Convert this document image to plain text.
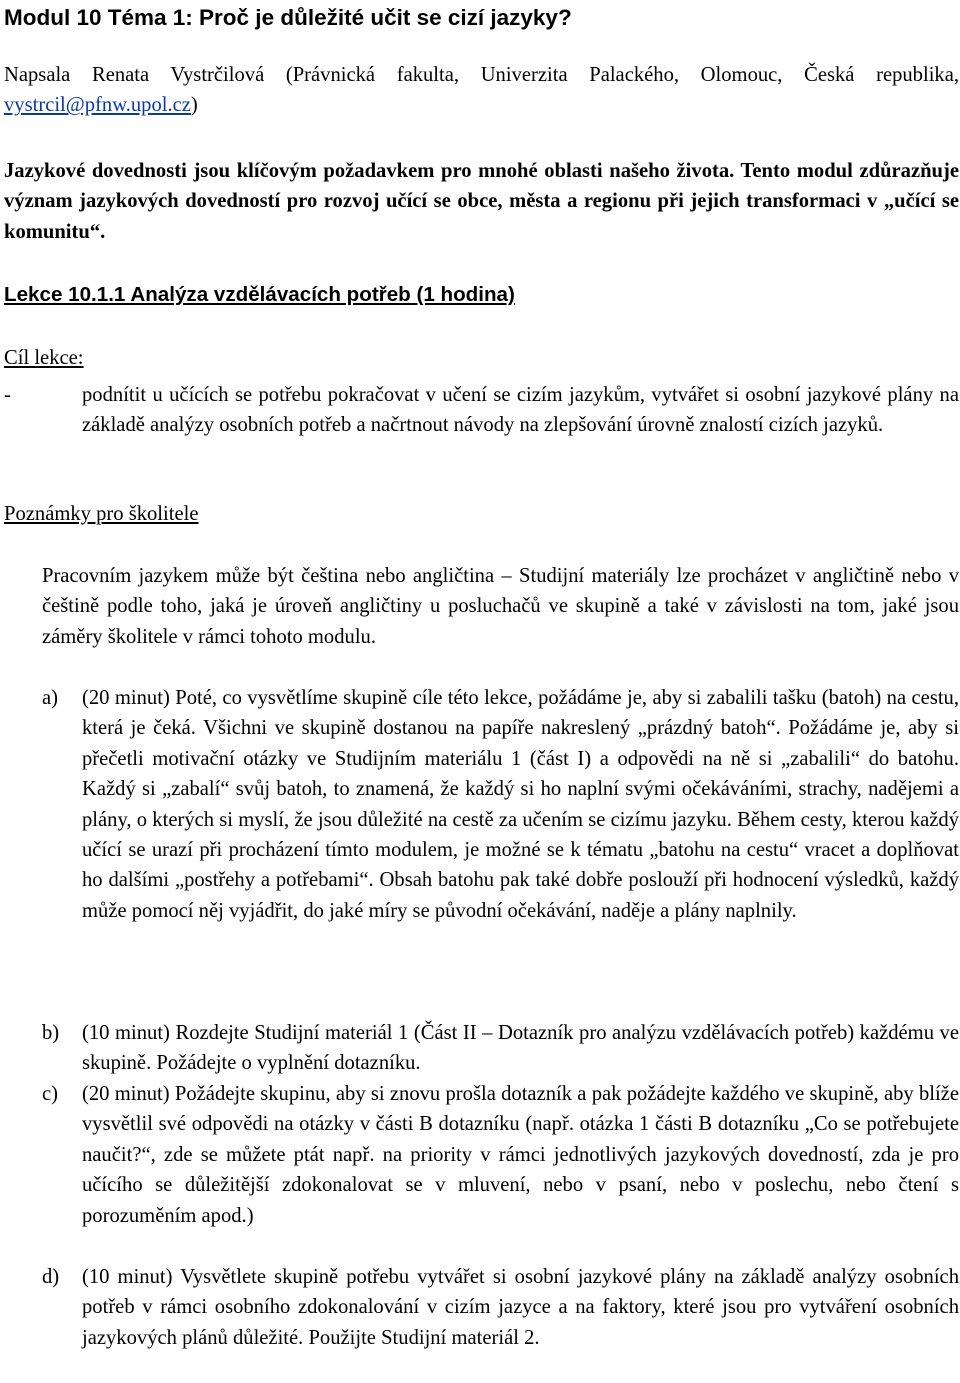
Modul 10 Téma 1: Proč je důležité učit se cizí jazyky?
Napsala Renata Vystrčilová (Právnická fakulta, Univerzita Palackého, Olomouc, Česká republika, vystrcil@pfnw.upol.cz)
Jazykové dovednosti jsou klíčovým požadavkem pro mnohé oblasti našeho života. Tento modul zdůrazňuje význam jazykových dovedností pro rozvoj učící se obce, města a regionu při jejich transformaci v „učící se komunitu“.
Lekce 10.1.1 Analýza vzdělávacích potřeb (1 hodina)
Cíl lekce:
-	podnítit u učících se potřebu pokračovat v učení se cizím jazykům, vytvářet si osobní jazykové plány na základě analýzy osobních potřeb a načrtnout návody na zlepšování úrovně znalostí cizích jazyků.
Poznámky pro školitele
Pracovním jazykem může být čeština nebo angličtina – Studijní materiály lze procházet v angličtině nebo v češtině podle toho, jaká je úroveň angličtiny u posluchačů ve skupině a také v závislosti na tom, jaké jsou záměry školitele v rámci tohoto modulu.
a) (20 minut) Poté, co vysvětlíme skupině cíle této lekce, požádáme je, aby si zabalili tašku (batoh) na cestu, která je čeká. Všichni ve skupině dostanou na papíře nakreslený „prázdný batoh“. Požádáme je, aby si přečetli motivační otázky ve Studijním materiálu 1 (část I) a odpovědi na ně si „zabalili“ do batohu. Každý si „zabalí“ svůj batoh, to znamená, že každý si ho naplní svými očekáváními, strachy, nadějemi a plány, o kterých si myslí, že jsou důležité na cestě za učením se cizímu jazyku. Během cesty, kterou každý učící se urazí při procházení tímto modulem, je možné se k tématu „batohu na cestu“ vracet a doplňovat ho dalšími „postřehy a potřebami“. Obsah batohu pak také dobře poslouží při hodnocení výsledků, každý může pomocí něj vyjádřit, do jaké míry se původní očekávání, naděje a plány naplnily.
b) (10 minut) Rozdejte Studijní materiál 1 (Část II – Dotazník pro analýzu vzdělávacích potřeb) každému ve skupině. Požádejte o vyplnění dotazníku.
c) (20 minut) Požádejte skupinu, aby si znovu prošla dotazník a pak požádejte každého ve skupině, aby blíže vysvětlil své odpovědi na otázky v části B dotazníku (např. otázka 1 části B dotazníku „Co se potřebujete naučit?“, zde se můžete ptát např. na priority v rámci jednotlivých jazykových dovedností, zda je pro učícího se důležitější zdokonalovat se v mluvení, nebo v psaní, nebo v poslechu, nebo čtení s porozuměním apod.)
d) (10 minut) Vysvětlete skupině potřebu vytvářet si osobní jazykové plány na základě analýzy osobních potřeb v rámci osobního zdokonalování v cizím jazyce a na faktory, které jsou pro vytváření osobních jazykových plánů důležité. Použijte Studijní materiál 2.
